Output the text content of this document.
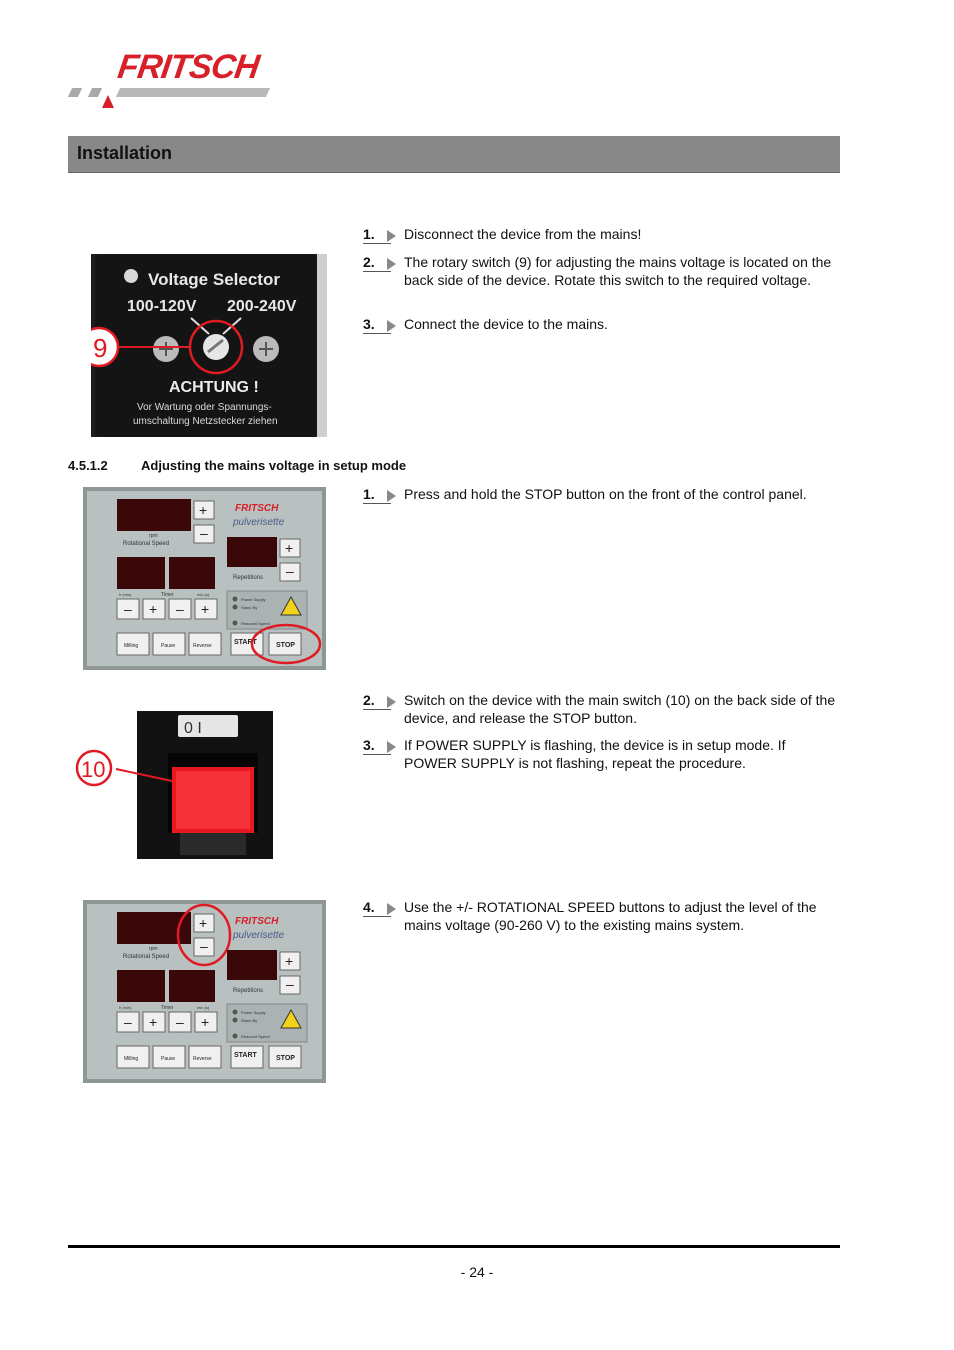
FRITSCH
Installation
Voltage Selector
100-120V 200-240V
9
ACHTUNG !
Vor Wartung oder Spannungs-
umschaltung Netzstecker ziehen
1.	Disconnect the device from the mains!
2.	The rotary switch (9) for adjusting the mains voltage is located on the back side of the device. Rotate this switch to the required voltage.
3.	Connect the device to the mains.
4.5.1.2	Adjusting the mains voltage in setup mode
+
–
rpm
Rotational Speed
FRITSCH
pulverisette
+
–
Repetitions
h (min)	Timer	min (s)
– + – +
Power Supply
Stand By
Reduced Speed
Milling	Pause	Reverse	START	STOP
1.	Press and hold the STOP button on the front of the control panel.
0 I
10
2.	Switch on the device with the main switch (10) on the back side of the device, and release the STOP button.
3.	If POWER SUPPLY is flashing, the device is in setup mode. If POWER SUPPLY is not flashing, repeat the procedure.
+
–
rpm
Rotational Speed
FRITSCH
pulverisette
+
–
Repetitions
h (min)	Timer	min (s)
– + – +
Power Supply
Stand By
Reduced Speed
Milling	Pause	Reverse	START	STOP
4.	Use the +/- ROTATIONAL SPEED buttons to adjust the level of the mains voltage (90-260 V) to the existing mains system.
- 24 -
